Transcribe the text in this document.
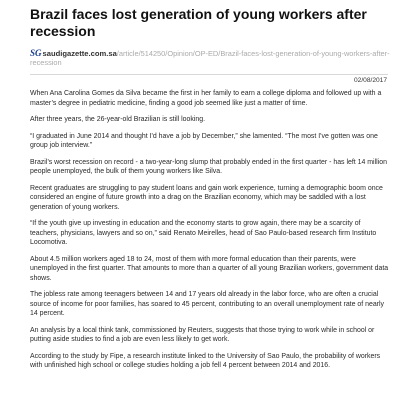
Brazil faces lost generation of young workers after recession
SGsaudigazette.com.sa/article/514250/Opinion/OP-ED/Brazil-faces-lost-generation-of-young-workers-after-recession
02/08/2017

When Ana Carolina Gomes da Silva became the first in her family to earn a college diploma and followed up with a master’s degree in pediatric medicine, finding a good job seemed like just a matter of time.

After three years, the 26-year-old Brazilian is still looking.

“I graduated in June 2014 and thought I'd have a job by December,” she lamented. “The most I've gotten was one group job interview.”

Brazil’s worst recession on record - a two-year-long slump that probably ended in the first quarter - has left 14 million people unemployed, the bulk of them young workers like Silva.

Recent graduates are struggling to pay student loans and gain work experience, turning a demographic boom once considered an engine of future growth into a drag on the Brazilian economy, which may be saddled with a lost generation of young workers.

“If the youth give up investing in education and the economy starts to grow again, there may be a scarcity of teachers, physicians, lawyers and so on,” said Renato Meirelles, head of Sao Paulo-based research firm Instituto Locomotiva.

About 4.5 million workers aged 18 to 24, most of them with more formal education than their parents, were unemployed in the first quarter. That amounts to more than a quarter of all young Brazilian workers, government data shows.

The jobless rate among teenagers between 14 and 17 years old already in the labor force, who are often a crucial source of income for poor families, has soared to 45 percent, contributing to an overall unemployment rate of nearly 14 percent.

An analysis by a local think tank, commissioned by Reuters, suggests that those trying to work while in school or putting aside studies to find a job are even less likely to get work.

According to the study by Fipe, a research institute linked to the University of Sao Paulo, the probability of workers with unfinished high school or college studies holding a job fell 4 percent between 2014 and 2016.
